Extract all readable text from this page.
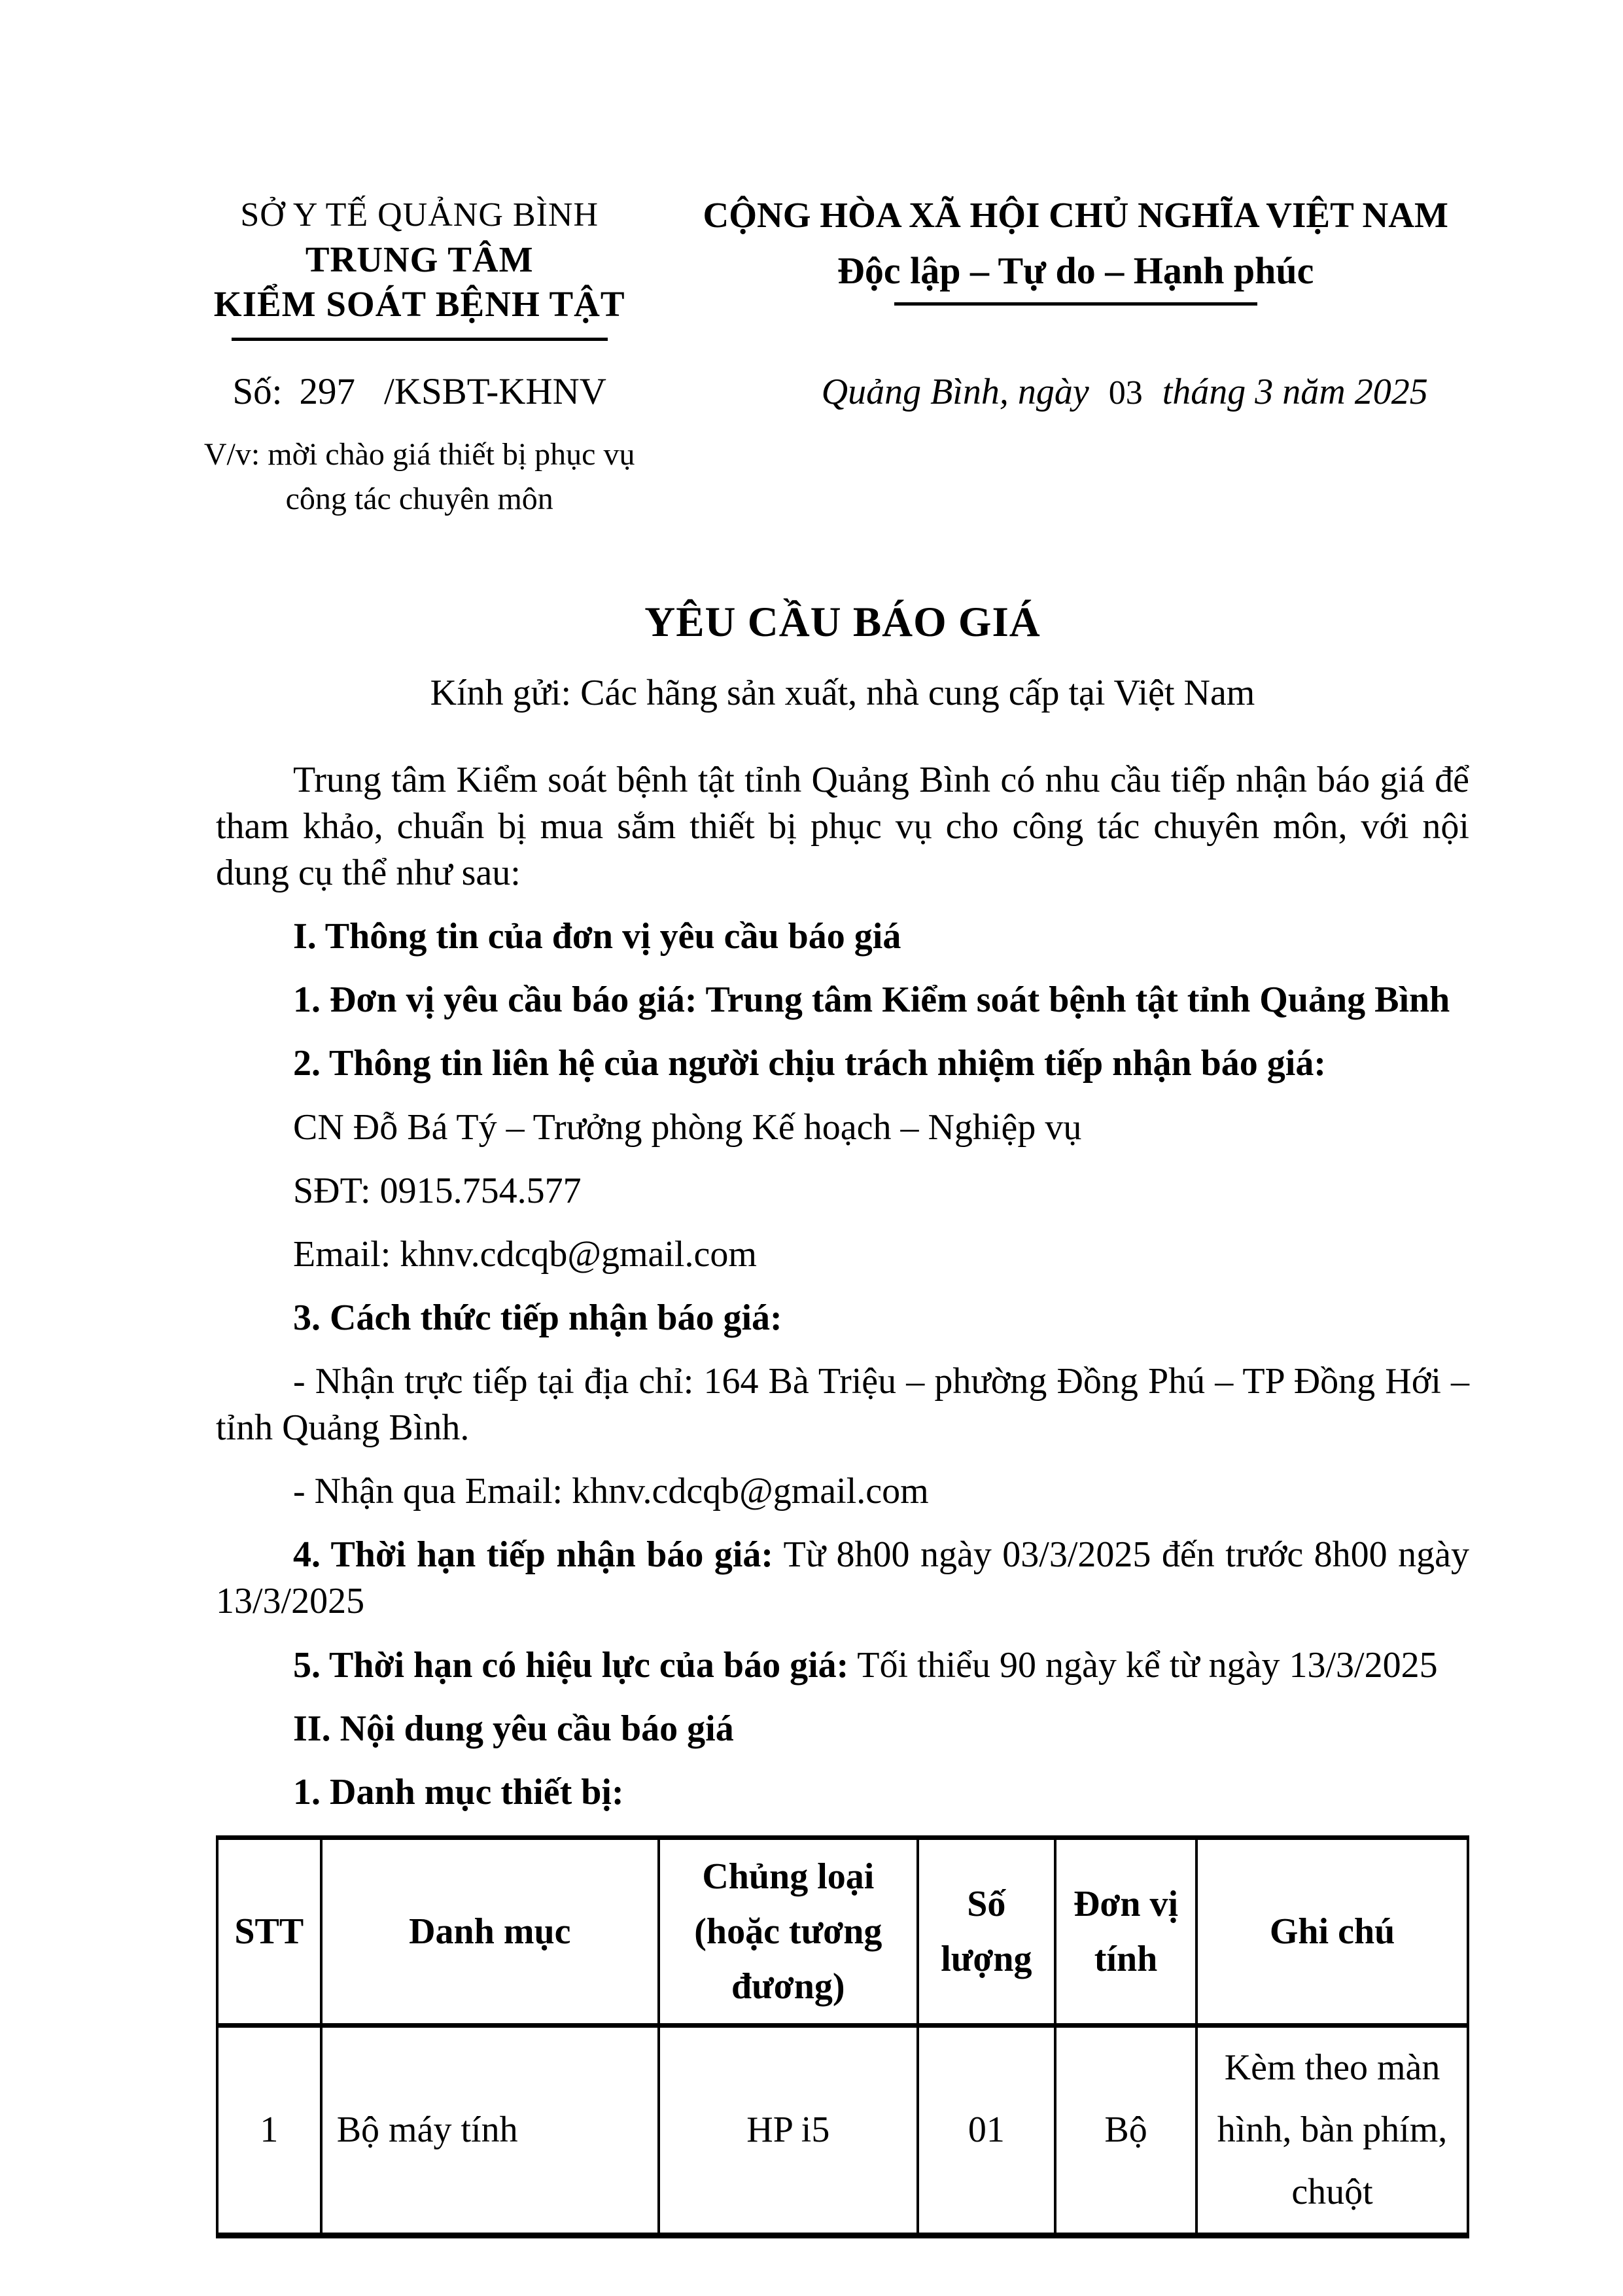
SỞ Y TẾ QUẢNG BÌNH
TRUNG TÂM
KIỂM SOÁT BỆNH TẬT
Số: 297 /KSBT-KHNV
V/v: mời chào giá thiết bị phục vụ
công tác chuyên môn
CỘNG HÒA XÃ HỘI CHỦ NGHĨA VIỆT NAM
Độc lập – Tự do – Hạnh phúc
Quảng Bình, ngày 03 tháng 3 năm 2025
YÊU CẦU BÁO GIÁ
Kính gửi: Các hãng sản xuất, nhà cung cấp tại Việt Nam

Trung tâm Kiểm soát bệnh tật tỉnh Quảng Bình có nhu cầu tiếp nhận báo giá để tham khảo, chuẩn bị mua sắm thiết bị phục vụ cho công tác chuyên môn, với nội dung cụ thể như sau:

I. Thông tin của đơn vị yêu cầu báo giá

1. Đơn vị yêu cầu báo giá: Trung tâm Kiểm soát bệnh tật tỉnh Quảng Bình

2. Thông tin liên hệ của người chịu trách nhiệm tiếp nhận báo giá:

CN Đỗ Bá Tý – Trưởng phòng Kế hoạch – Nghiệp vụ

SĐT: 0915.754.577

Email: khnv.cdcqb@gmail.com

3. Cách thức tiếp nhận báo giá:

- Nhận trực tiếp tại địa chỉ: 164 Bà Triệu – phường Đồng Phú – TP Đồng Hới – tỉnh Quảng Bình.

- Nhận qua Email: khnv.cdcqb@gmail.com

4. Thời hạn tiếp nhận báo giá: Từ 8h00 ngày 03/3/2025 đến trước 8h00 ngày 13/3/2025

5. Thời hạn có hiệu lực của báo giá: Tối thiểu 90 ngày kể từ ngày 13/3/2025

II. Nội dung yêu cầu báo giá

1. Danh mục thiết bị:

STT	Danh mục	Chủng loại (hoặc tương đương)	Số lượng	Đơn vị tính	Ghi chú
1	Bộ máy tính	HP i5	01	Bộ	Kèm theo màn hình, bàn phím, chuột
